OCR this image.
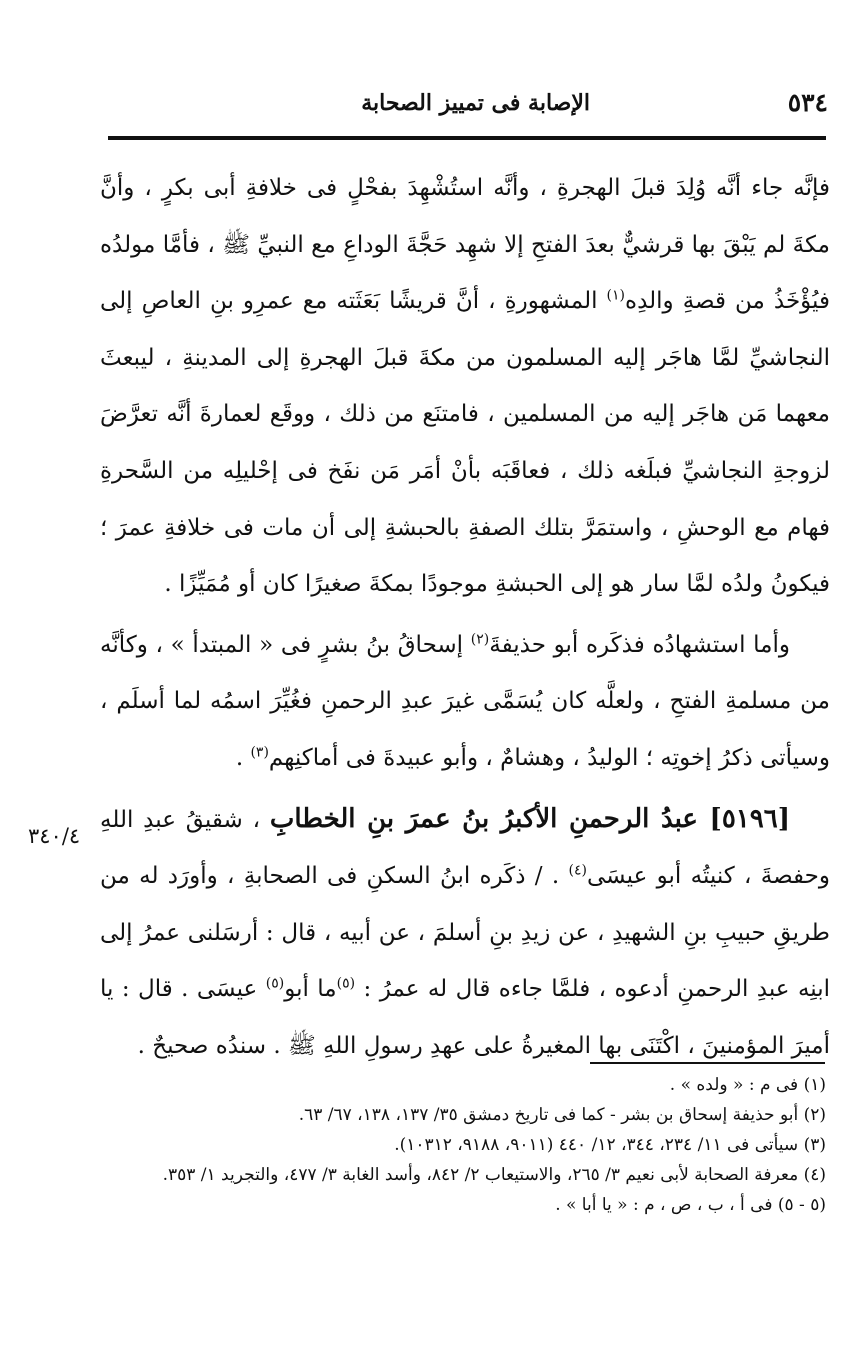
٥٣٤
الإصابة فى تمييز الصحابة

فإنَّه جاء أنَّه وُلِدَ قبلَ الهجرةِ ، وأنَّه استُشْهِدَ بفحْلٍ فى خلافةِ أبى بكرٍ ، وأنَّ مكةَ لم يَبْقَ بها قرشيٌّ بعدَ الفتحِ إلا شهِد حَجَّةَ الوداعِ مع النبيِّ ﷺ ، فأمَّا مولدُه فيُؤْخَذُ من قصةِ والدِه$^{(١)}$ المشهورةِ ، أنَّ قريشًا بَعَثَته مع عمرِو بنِ العاصِ إلى النجاشيِّ لمَّا هاجَر إليه المسلمون من مكةَ قبلَ الهجرةِ إلى المدينةِ ، ليبعثَ معهما مَن هاجَر إليه من المسلمين ، فامتنَع من ذلك ، ووقَع لعمارةَ أنَّه تعرَّضَ لزوجةِ النجاشيِّ فبلَغه ذلك ، فعاقَبَه بأنْ أمَر مَن نفَخ فى إحْليلِه من السَّحرةِ فهام مع الوحشِ ، واستمَرَّ بتلك الصفةِ بالحبشةِ إلى أن مات فى خلافةِ عمرَ ؛ فيكونُ ولدُه لمَّا سار هو إلى الحبشةِ موجودًا بمكةَ صغيرًا كان أو مُمَيِّزًا .

وأما استشهادُه فذكَره أبو حذيفةَ$^{(٢)}$ إسحاقُ بنُ بشرٍ فى « المبتدأ » ، وكأنَّه من مسلمةِ الفتحِ ، ولعلَّه كان يُسَمَّى غيرَ عبدِ الرحمنِ فغُيِّرَ اسمُه لما أسلَم ، وسيأتى ذكرُ إخوتِه ؛ الوليدُ ، وهشامٌ ، وأبو عبيدةَ فى أماكنِهم$^{(٣)}$ .

[٥١٩٦] عبدُ الرحمنِ الأكبرُ بنُ عمرَ بنِ الخطابِ ، شقيقُ عبدِ اللهِ وحفصةَ ، كنيتُه أبو عيسَى$^{(٤)}$ . / ذكَره ابنُ السكنِ فى الصحابةِ ، وأورَد له من طريقِ حبيبِ بنِ الشهيدِ ، عن زيدِ بنِ أسلمَ ، عن أبيه ، قال : أرسَلنى عمرُ إلى ابنِه عبدِ الرحمنِ أدعوه ، فلمَّا جاءه قال له عمرُ : $^{(٥)}$ما أبو$^{(٥)}$ عيسَى . قال : يا أميرَ المؤمنينَ ، اكْتَنَى بها المغيرةُ على عهدِ رسولِ اللهِ ﷺ . سندُه صحيحٌ .

٣٤٠/٤

(١) فى م : « ولده » .

(٢) أبو حذيفة إسحاق بن بشر - كما فى تاريخ دمشق ٣٥/ ١٣٧، ١٣٨، ٦٧/ ٦٣.

(٣) سيأتى فى ١١/ ٢٣٤، ٣٤٤، ١٢/ ٤٤٠ (٩٠١١، ٩١٨٨، ١٠٣١٢).

(٤) معرفة الصحابة لأبى نعيم ٣/ ٢٦٥، والاستيعاب ٢/ ٨٤٢، وأسد الغابة ٣/ ٤٧٧، والتجريد ١/ ٣٥٣.

(٥ - ٥) فى أ ، ب ، ص ، م : « يا أبا » .
